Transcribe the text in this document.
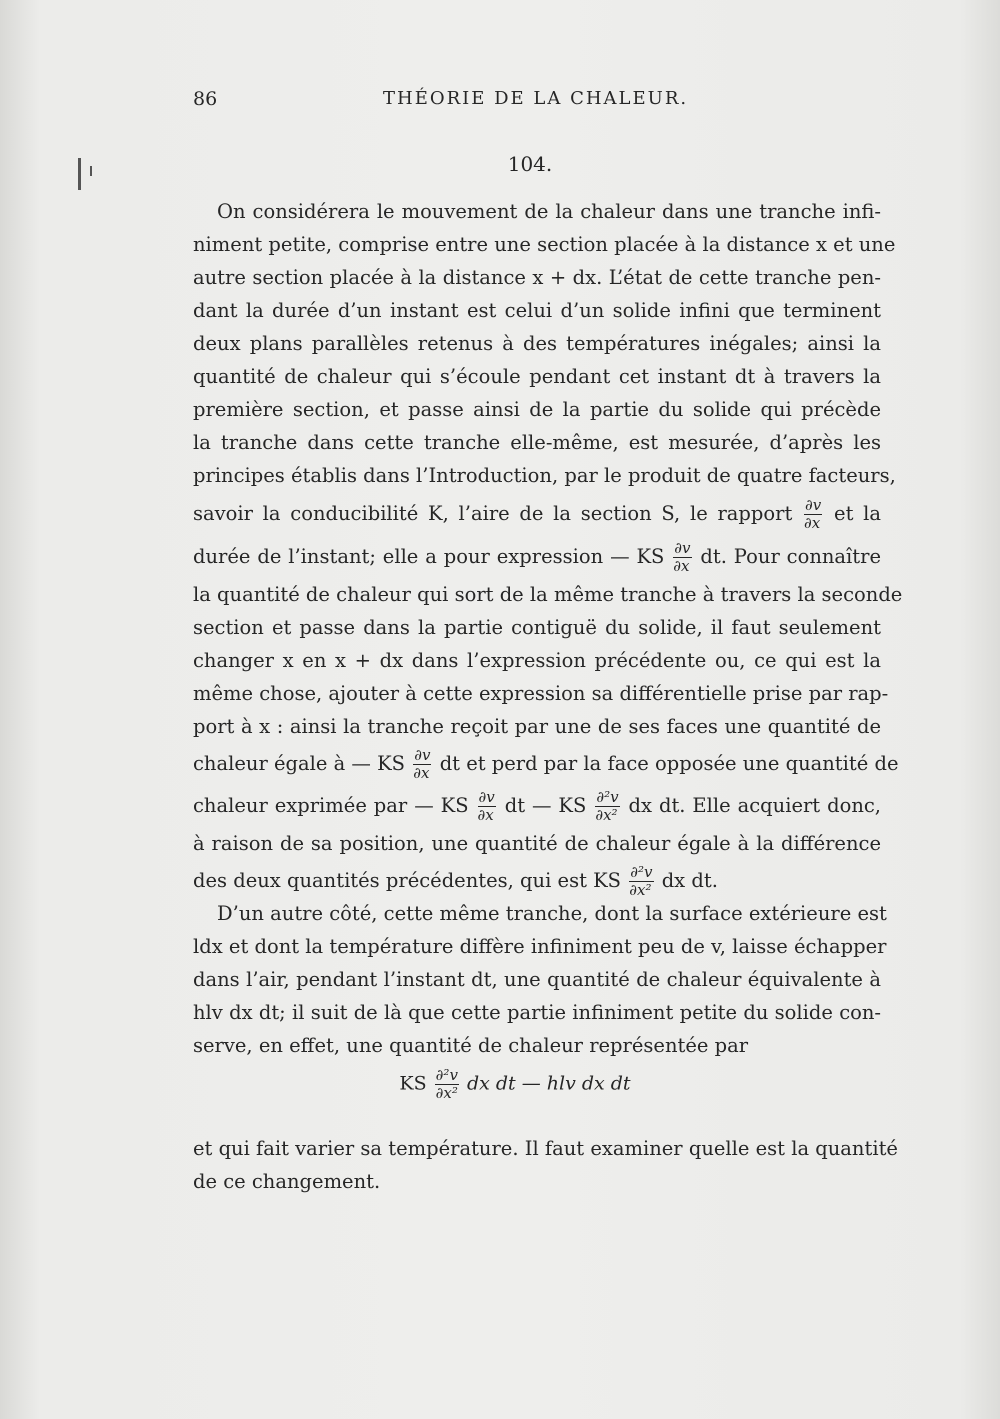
86	THÉORIE DE LA CHALEUR.
104.
On considérera le mouvement de la chaleur dans une tranche infi-
niment petite, comprise entre une section placée à la distance x et une
autre section placée à la distance x + dx. L’état de cette tranche pen-
dant la durée d’un instant est celui d’un solide infini que terminent
deux plans parallèles retenus à des températures inégales; ainsi la
quantité de chaleur qui s’écoule pendant cet instant dt à travers la
première section, et passe ainsi de la partie du solide qui précède
la tranche dans cette tranche elle-même, est mesurée, d’après les
principes établis dans l’Introduction, par le produit de quatre facteurs,
savoir la conducibilité K, l’aire de la section S, le rapport $\frac{\partial v}{\partial x}$ et la
durée de l’instant; elle a pour expression — KS $\frac{\partial v}{\partial x}$ dt. Pour connaître
la quantité de chaleur qui sort de la même tranche à travers la seconde
section et passe dans la partie contiguë du solide, il faut seulement
changer x en x + dx dans l’expression précédente ou, ce qui est la
même chose, ajouter à cette expression sa différentielle prise par rap-
port à x : ainsi la tranche reçoit par une de ses faces une quantité de
chaleur égale à — KS $\frac{\partial v}{\partial x}$ dt et perd par la face opposée une quantité de
chaleur exprimée par — KS $\frac{\partial v}{\partial x}$ dt — KS $\frac{\text{∂²v}}{\text{∂x²}}$ dx dt. Elle acquiert donc,
à raison de sa position, une quantité de chaleur égale à la différence
des deux quantités précédentes, qui est KS $\frac{\text{∂²v}}{\text{∂x²}}$ dx dt.
D’un autre côté, cette même tranche, dont la surface extérieure est
ldx et dont la température diffère infiniment peu de v, laisse échapper
dans l’air, pendant l’instant dt, une quantité de chaleur équivalente à
hlv dx dt; il suit de là que cette partie infiniment petite du solide con-
serve, en effet, une quantité de chaleur représentée par
KS $\frac{\text{∂²v}}{\text{∂x²}}$ dx dt — hlv dx dt
et qui fait varier sa température. Il faut examiner quelle est la quantité
de ce changement.
